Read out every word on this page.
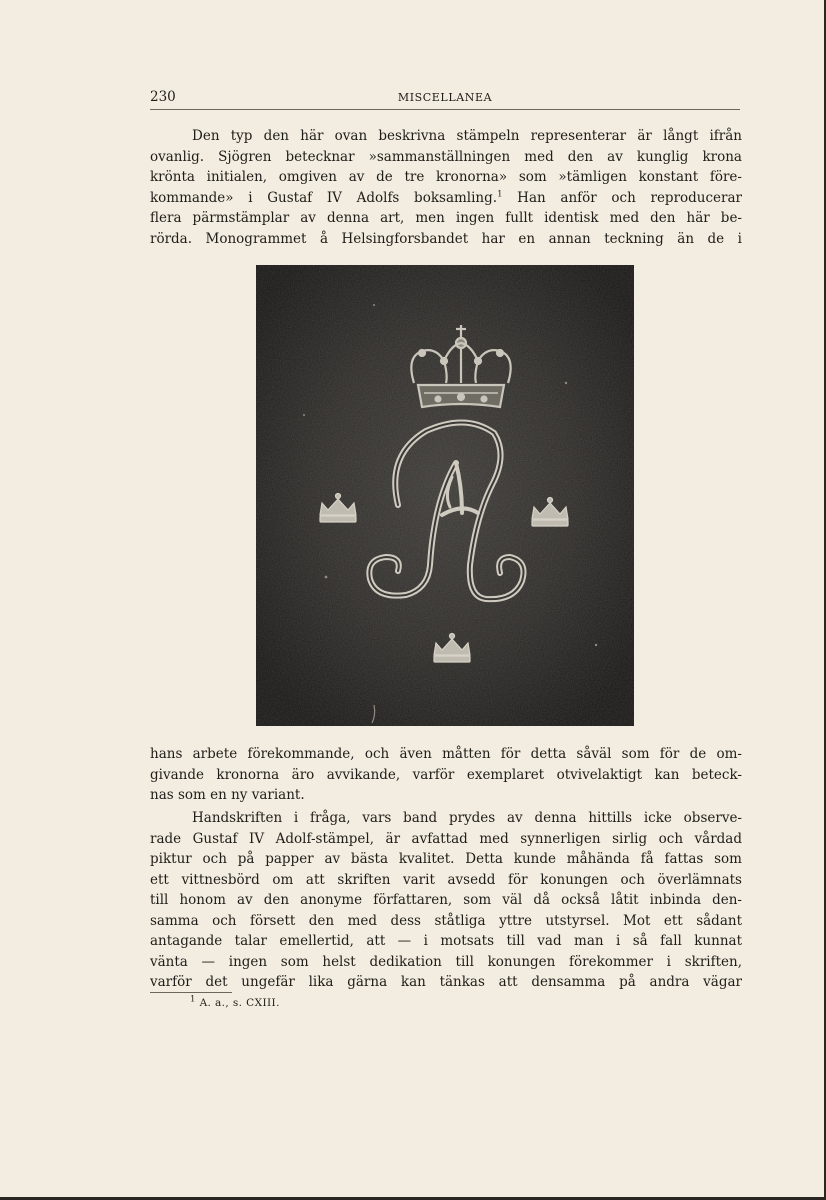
230	MISCELLANEA
Den typ den här ovan beskrivna stämpeln representerar är långt ifrån
ovanlig. Sjögren betecknar »sammanställningen med den av kunglig krona
krönta initialen, omgiven av de tre kronorna» som »tämligen konstant före-
kommande» i Gustaf IV Adolfs boksamling.$^1$ Han anför och reproducerar
flera pärmstämplar av denna art, men ingen fullt identisk med den här be-
rörda. Monogrammet å Helsingforsbandet har en annan teckning än de i
hans arbete förekommande, och även måtten för detta såväl som för de om-
givande kronorna äro avvikande, varför exemplaret otvivelaktigt kan beteck-
nas som en ny variant.
Handskriften i fråga, vars band prydes av denna hittills icke observe-
rade Gustaf IV Adolf-stämpel, är avfattad med synnerligen sirlig och vårdad
piktur och på papper av bästa kvalitet. Detta kunde måhända få fattas som
ett vittnesbörd om att skriften varit avsedd för konungen och överlämnats
till honom av den anonyme författaren, som väl då också låtit inbinda den-
samma och försett den med dess ståtliga yttre utstyrsel. Mot ett sådant
antagande talar emellertid, att — i motsats till vad man i så fall kunnat
vänta — ingen som helst dedikation till konungen förekommer i skriften,
varför det ungefär lika gärna kan tänkas att densamma på andra vägar
$^1$ A. a., s. CXIII.
